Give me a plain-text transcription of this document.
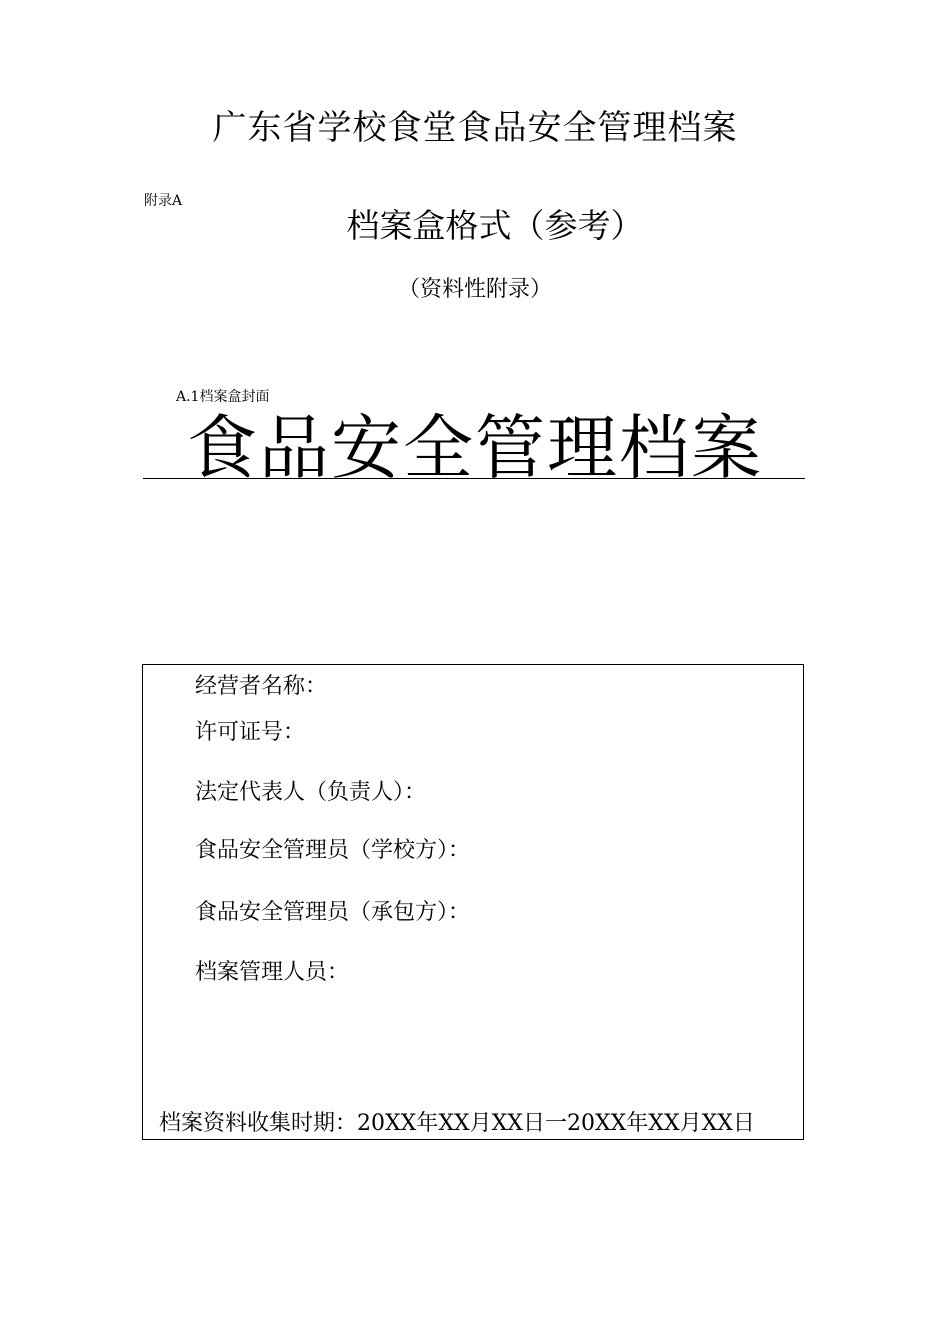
广东省学校食堂食品安全管理档案
附录A
档案盒格式（参考）
（资料性附录）
A.1档案盒封面
食品安全管理档案
经营者名称：
许可证号：
法定代表人（负责人）：
食品安全管理员（学校方）：
食品安全管理员（承包方）：
档案管理人员：
档案资料收集时期：20XX年XX月XX日一20XX年XX月XX日
